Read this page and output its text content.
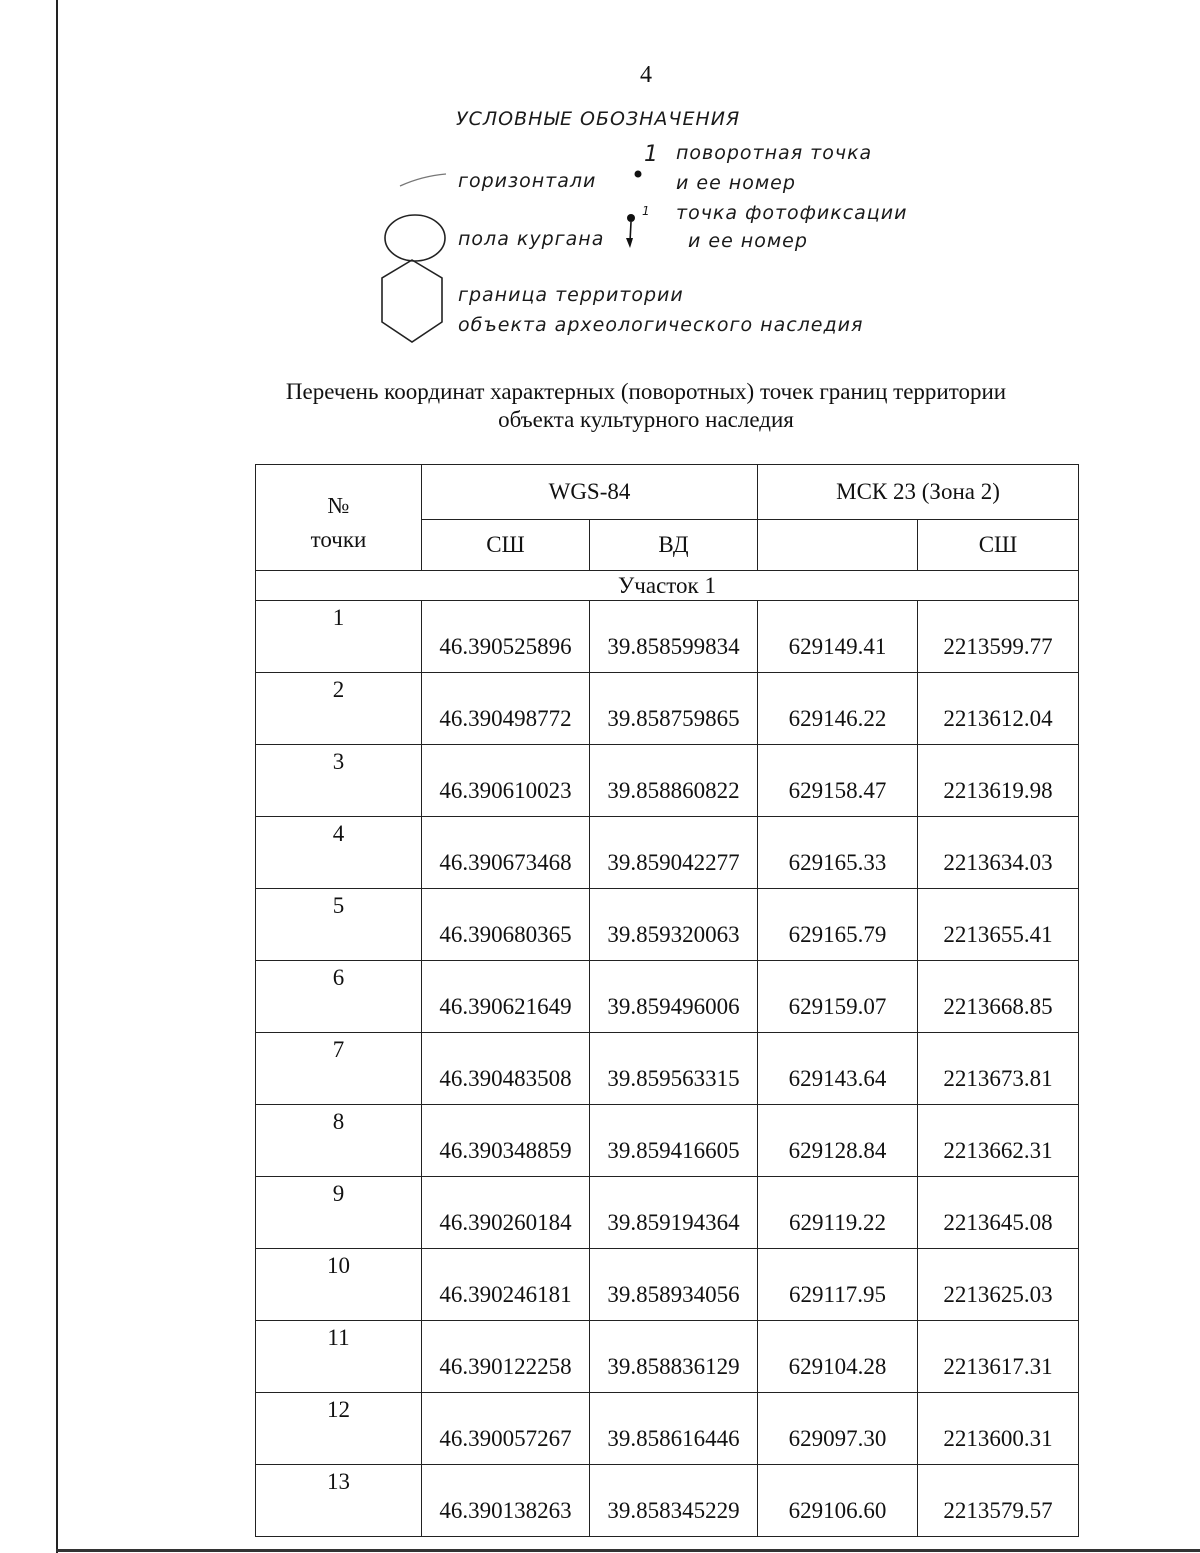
4
УСЛОВНЫЕ ОБОЗНАЧЕНИЯ
горизонтали
1 поворотная точка
и ее номер
пола кургана
1 точка фотофиксации
и ее номер
граница территории
объекта археологического наследия
Перечень координат характерных (поворотных) точек границ территории
объекта культурного наследия
№
точки	WGS-84		МСК 23 (Зона 2)	
	СШ	ВД		СШ
Участок 1				
1	46.390525896	39.858599834	629149.41	2213599.77
2	46.390498772	39.858759865	629146.22	2213612.04
3	46.390610023	39.858860822	629158.47	2213619.98
4	46.390673468	39.859042277	629165.33	2213634.03
5	46.390680365	39.859320063	629165.79	2213655.41
6	46.390621649	39.859496006	629159.07	2213668.85
7	46.390483508	39.859563315	629143.64	2213673.81
8	46.390348859	39.859416605	629128.84	2213662.31
9	46.390260184	39.859194364	629119.22	2213645.08
10	46.390246181	39.858934056	629117.95	2213625.03
11	46.390122258	39.858836129	629104.28	2213617.31
12	46.390057267	39.858616446	629097.30	2213600.31
13	46.390138263	39.858345229	629106.60	2213579.57
